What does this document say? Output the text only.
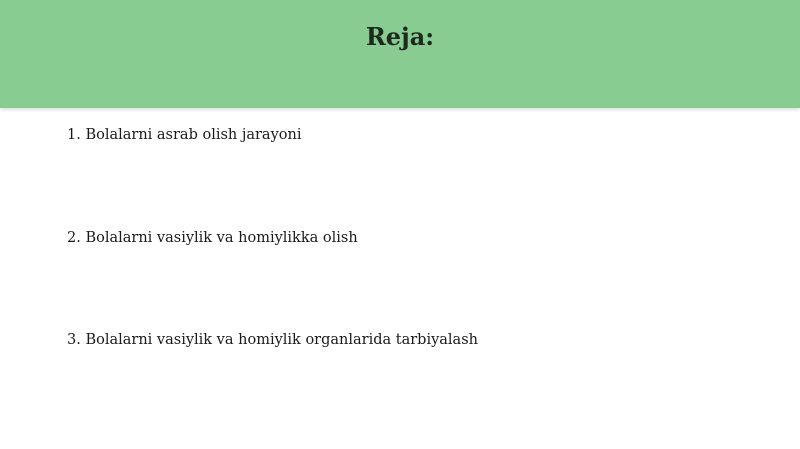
Reja:
1. Bolalarni asrab olish jarayoni
2. Bolalarni vasiylik va homiylikka olish
3. Bolalarni vasiylik va homiylik organlarida tarbiyalash
